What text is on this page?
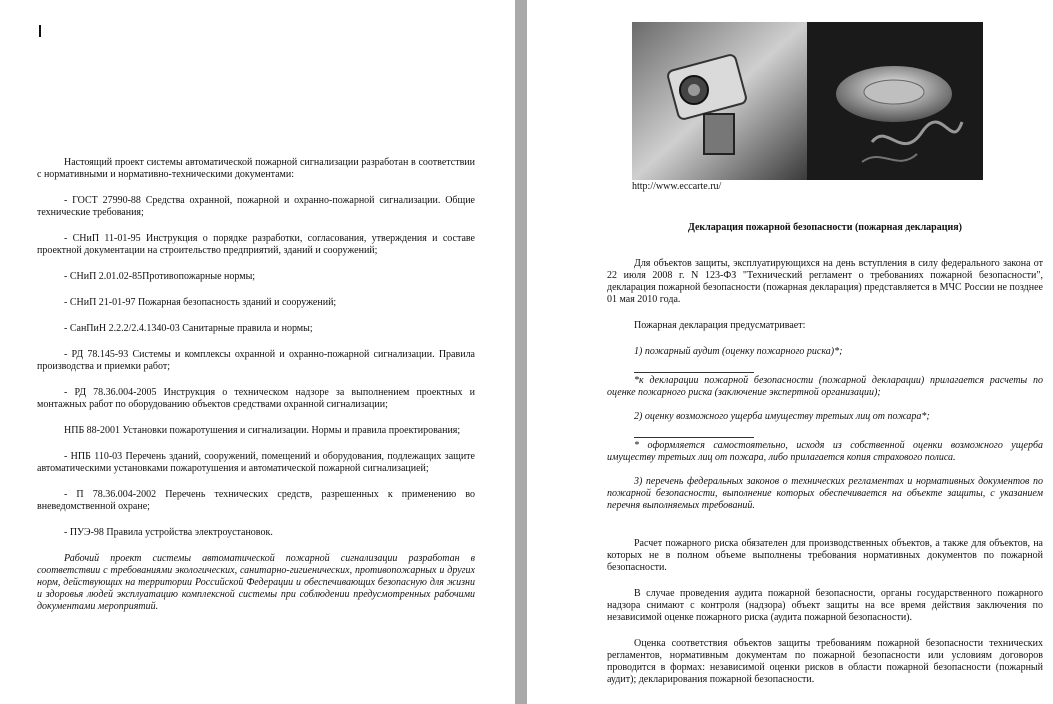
Настоящий проект системы автоматической пожарной сигнализации разработан в соответствии с нормативными и нормативно-техническими документами:

- ГОСТ 27990-88 Средства охранной, пожарной и охранно-пожарной сигнализации. Общие технические требования;

- СНиП 11-01-95 Инструкция о порядке разработки, согласования, утверждения и составе проектной документации на строительство предприятий, зданий и сооружений;

- СНиП 2.01.02-85Противопожарные нормы;

- СНиП 21-01-97 Пожарная безопасность зданий и сооружений;

- СанПиН 2.2.2/2.4.1340-03 Санитарные правила и нормы;

- РД 78.145-93 Системы и комплексы охранной и охранно-пожарной сигнализации. Правила производства и приемки работ;

- РД 78.36.004-2005 Инструкция о техническом надзоре за выполнением проектных и монтажных работ по оборудованию объектов средствами охранной сигнализации;

НПБ 88-2001 Установки пожаротушения и сигнализации. Нормы и правила проектирования;

- НПБ 110-03 Перечень зданий, сооружений, помещений и оборудования, подлежащих защите автоматическими установками пожаротушения и автоматической пожарной сигнализацией;

- П 78.36.004-2002 Перечень технических средств, разрешенных к применению во вневедомственной охране;

- ПУЭ-98 Правила устройства электроустановок.

Рабочий проект системы автоматической пожарной сигнализации разработан в соответствии с требованиями экологических, санитарно-гигиенических, противопожарных и других норм, действующих на территории Российской Федерации и обеспечивающих безопасную для жизни и здоровья людей эксплуатацию комплексной системы при соблюдении предусмотренных рабочими документами мероприятий.

http://www.eccarte.ru/
Декларация пожарной безопасности (пожарная декларация)

Для объектов защиты, эксплуатирующихся на день вступления в силу федерального закона от 22 июля 2008 г. N 123-ФЗ "Технический регламент о требованиях пожарной безопасности", декларация пожарной безопасности (пожарная декларация) представляется в МЧС России не позднее 01 мая 2010 года.

Пожарная декларация предусматривает:

1) пожарный аудит (оценку пожарного риска)*;

*к декларации пожарной безопасности (пожарной декларации) прилагается расчеты по оценке пожарного риска (заключение экспертной организации);

2) оценку возможного ущерба имуществу третьих лиц от пожара*;

* оформляется самостоятельно, исходя из собственной оценки возможного ущерба имуществу третьих лиц от пожара, либо прилагается копия страхового полиса.

3) перечень федеральных законов о технических регламентах и нормативных документов по пожарной безопасности, выполнение которых обеспечивается на объекте защиты, с указанием перечня выполняемых требований.

Расчет пожарного риска обязателен для производственных объектов, а также для объектов, на которых не в полном объеме выполнены требования нормативных документов по пожарной безопасности.

В случае проведения аудита пожарной безопасности, органы государственного пожарного надзора снимают с контроля (надзора) объект защиты на все время действия заключения по независимой оценке пожарного риска (аудита пожарной безопасности).

Оценка соответствия объектов защиты требованиям пожарной безопасности технических регламентов, нормативным документам по пожарной безопасности или условиям договоров проводится в формах: независимой оценки рисков в области пожарной безопасности (пожарный аудит); декларирования пожарной безопасности.
